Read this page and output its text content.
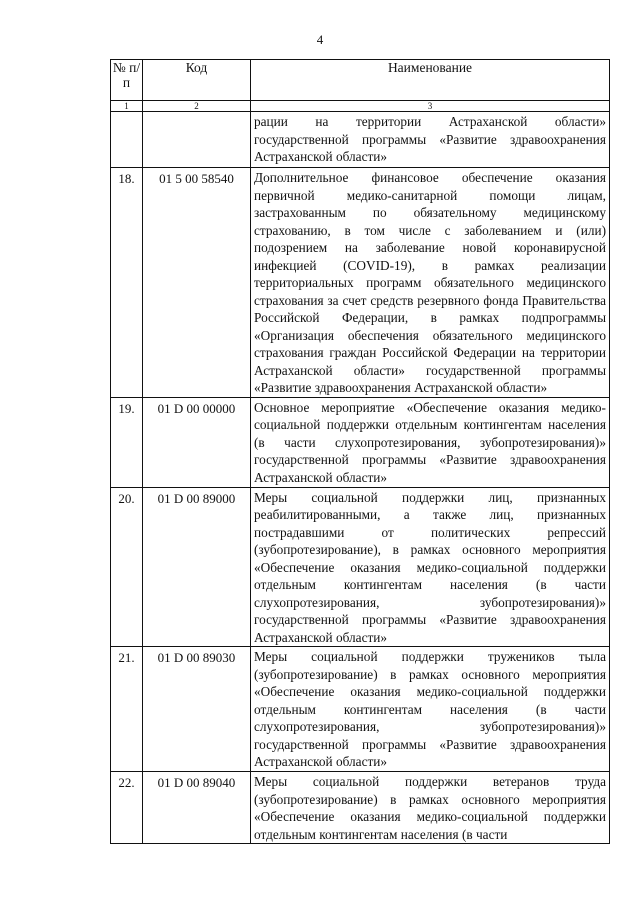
4
№ п/п	Код	Наименование
1	2	3
		рации на территории Астраханской области» государственной программы «Развитие здравоохранения Астраханской области»
18.	01 5 00 58540	Дополнительное финансовое обеспечение оказания первичной медико-санитарной помощи лицам, застрахованным по обязательному медицинскому страхованию, в том числе с заболеванием и (или) подозрением на заболевание новой коронавирусной инфекцией (COVID-19), в рамках реализации территориальных программ обязательного медицинского страхования за счет средств резервного фонда Правительства Российской Федерации, в рамках подпрограммы «Организация обеспечения обязательного медицинского страхования граждан Российской Федерации на территории Астраханской области» государственной программы «Развитие здравоохранения Астраханской области»
19.	01 D 00 00000	Основное мероприятие «Обеспечение оказания медико-социальной поддержки отдельным контингентам населения (в части слухопротезирования, зубопротезирования)» государственной программы «Развитие здравоохранения Астраханской области»
20.	01 D 00 89000	Меры социальной поддержки лиц, признанных реабилитированными, а также лиц, признанных пострадавшими от политических репрессий (зубопротезирование), в рамках основного мероприятия «Обеспечение оказания медико-социальной поддержки отдельным контингентам населения (в части слухопротезирования, зубопротезирования)» государственной программы «Развитие здравоохранения Астраханской области»
21.	01 D 00 89030	Меры социальной поддержки тружеников тыла (зубопротезирование) в рамках основного мероприятия «Обеспечение оказания медико-социальной поддержки отдельным контингентам населения (в части слухопротезирования, зубопротезирования)» государственной программы «Развитие здравоохранения Астраханской области»
22.	01 D 00 89040	Меры социальной поддержки ветеранов труда (зубопротезирование) в рамках основного мероприятия «Обеспечение оказания медико-социальной поддержки отдельным контингентам населения (в части
